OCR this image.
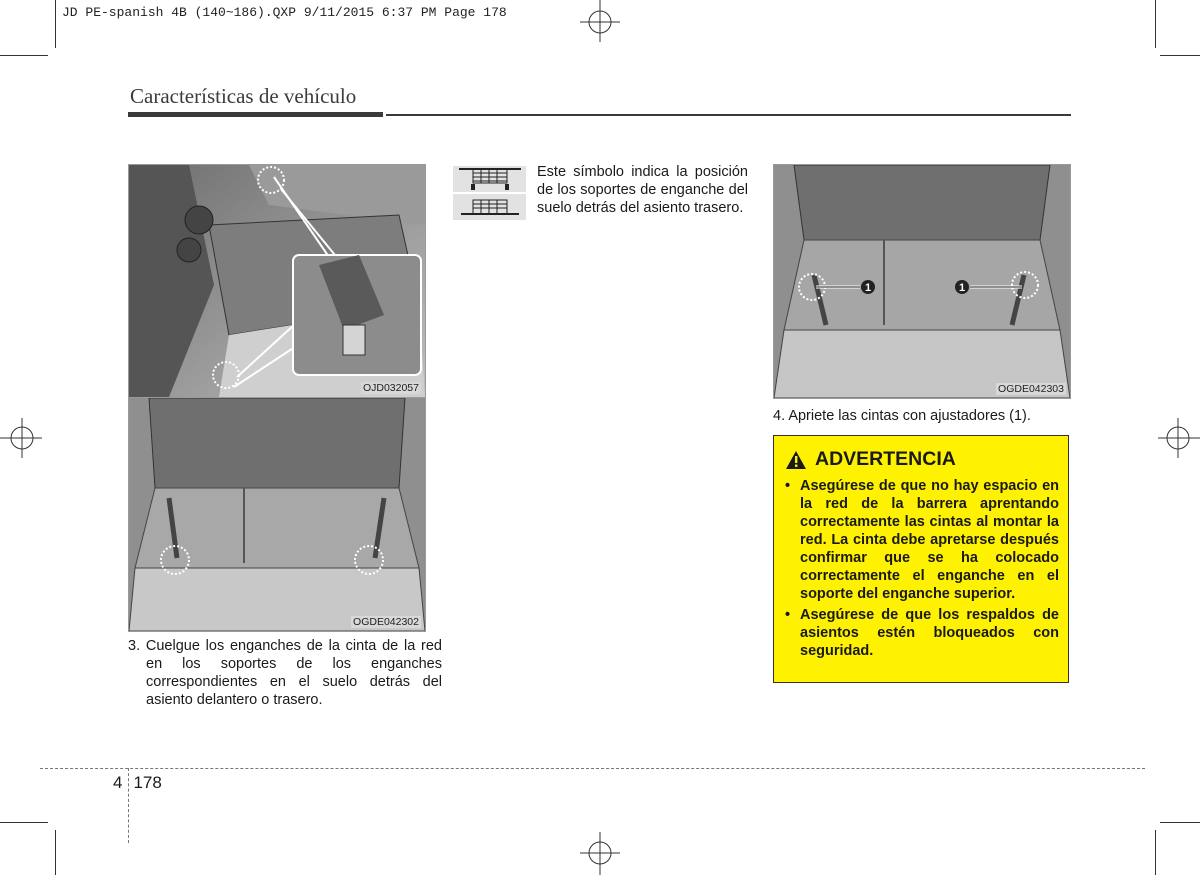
JD PE-spanish 4B (140~186).QXP 9/11/2015 6:37 PM Page 178
Características de vehículo
OJD032057
OGDE042302
3. Cuelgue los enganches de la cinta de la red en los soportes de los enganches correspondientes en el suelo detrás del asiento delantero o trasero.
Este símbolo indica la posición de los soportes de enganche del suelo detrás del asiento trasero.
1	1
OGDE042303
4. Apriete las cintas con ajustadores (1).
ADVERTENCIA
• Asegúrese de que no hay espacio en la red de la barrera aprentando correctamente las cintas al montar la red. La cinta debe apretarse después confirmar que se ha colocado correctamente el enganche en el soporte del enganche superior.
• Asegúrese de que los respaldos de asientos estén bloqueados con seguridad.
4 178
